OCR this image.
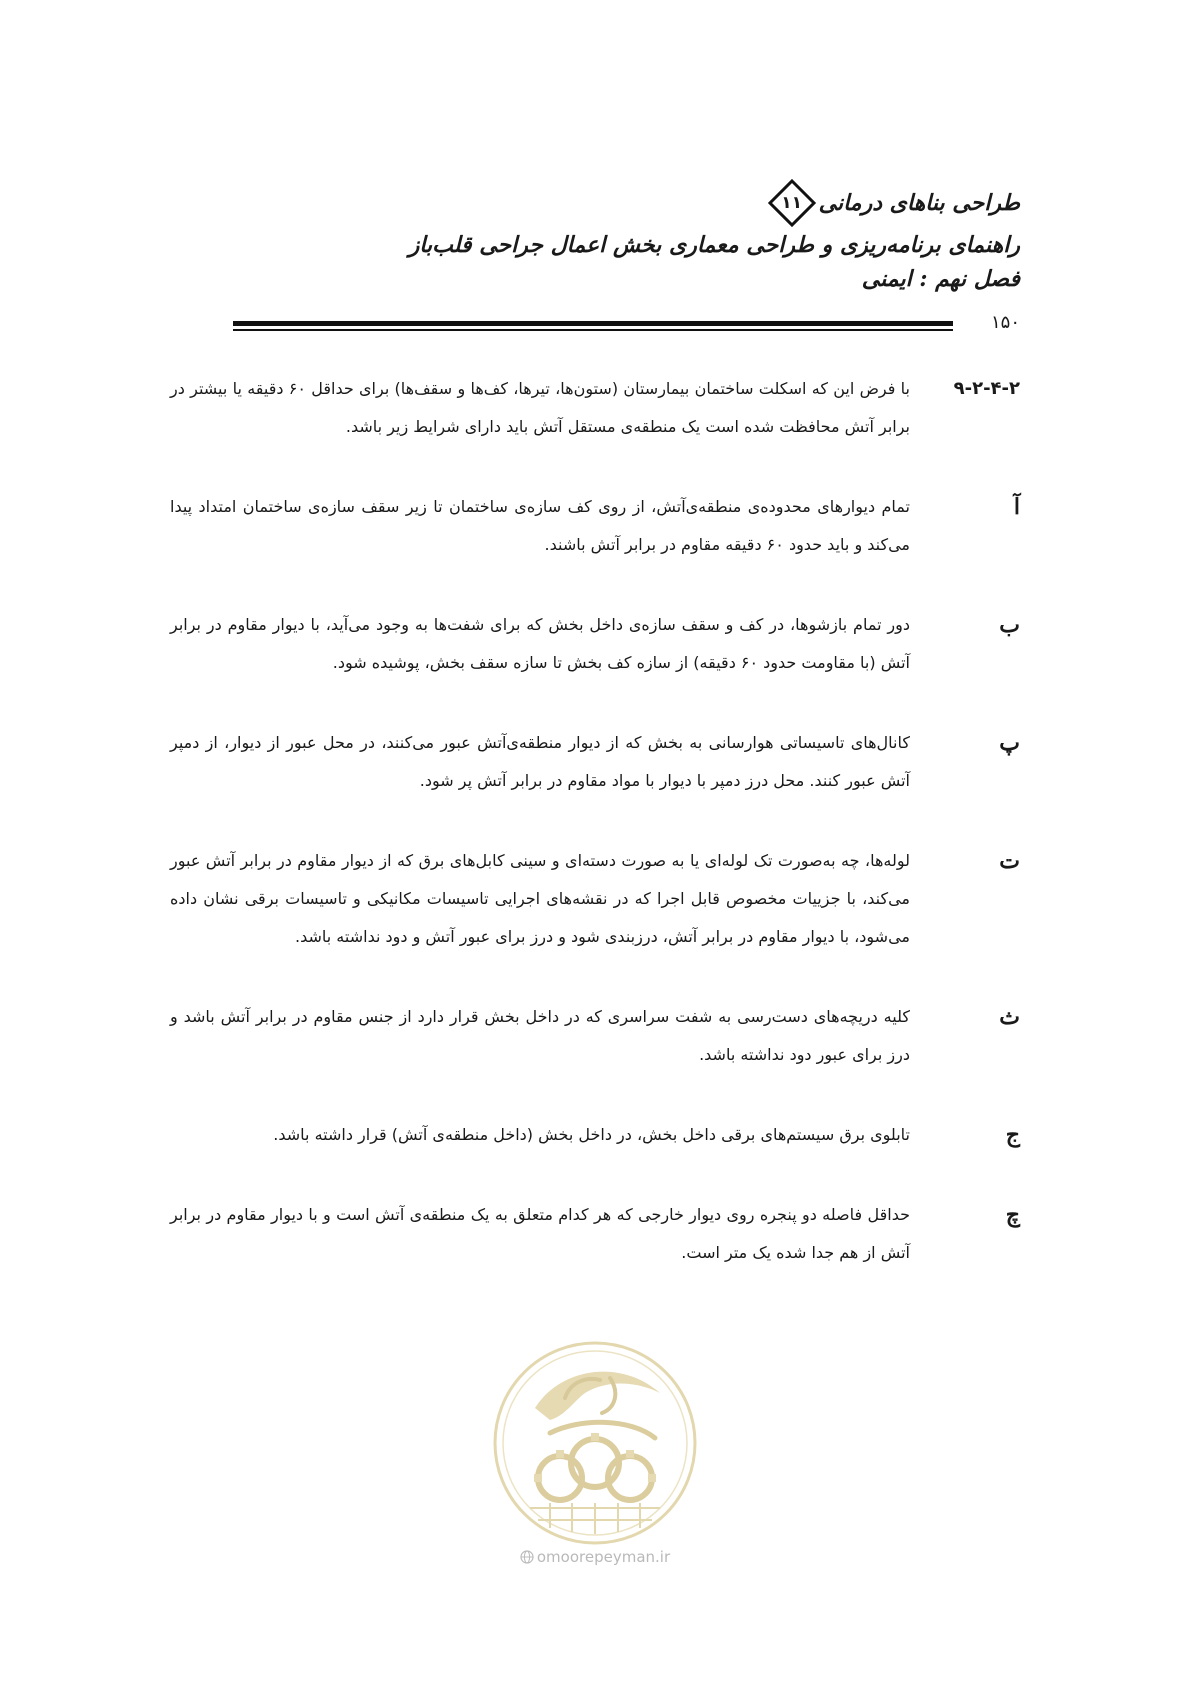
طراحی بناهای درمانی
۱۱
راهنمای برنامه‌ریزی و طراحی معماری بخش اعمال جراحی قلب‌باز
فصل نهم : ایمنی
۱۵۰
۹-۲-۴-۲
با فرض این که اسکلت ساختمان بیمارستان (ستون‌ها، تیرها، کف‌ها و سقف‌ها) برای حداقل ۶۰ دقیقه یا بیشتر در برابر آتش محافظت شده است یک منطقه‌ی مستقل آتش باید دارای شرایط زیر باشد.
آ
تمام دیوارهای محدوده‌ی منطقه‌ی‌آتش، از روی کف سازه‌ی ساختمان تا زیر سقف سازه‌ی ساختمان امتداد پیدا می‌کند و باید حدود ۶۰ دقیقه مقاوم در برابر آتش باشند.
ب
دور تمام بازشوها، در کف و سقف سازه‌ی داخل بخش که برای شفت‌ها به وجود می‌آید، با دیوار مقاوم در برابر آتش (با مقاومت حدود ۶۰ دقیقه) از سازه کف بخش تا سازه سقف بخش، پوشیده شود.
پ
کانال‌های تاسیساتی هوارسانی به بخش که از دیوار منطقه‌ی‌آتش عبور می‌کنند، در محل عبور از دیوار، از دمپر آتش عبور کنند. محل درز دمپر با دیوار با مواد مقاوم در برابر آتش پر شود.
ت
لوله‌ها، چه به‌صورت تک لوله‌ای یا به صورت دسته‌ای و سینی کابل‌های برق که از دیوار مقاوم در برابر آتش عبور می‌کند، با جزییات مخصوص قابل اجرا که در نقشه‌های اجرایی تاسیسات مکانیکی و تاسیسات برقی نشان داده می‌شود، با دیوار مقاوم در برابر آتش، درزبندی شود و درز برای عبور آتش و دود نداشته باشد.
ث
کلیه دریچه‌های دست‌رسی به شفت سراسری که در داخل بخش قرار دارد از جنس مقاوم در برابر آتش باشد و درز برای عبور دود نداشته باشد.
ج
تابلوی برق سیستم‌های برقی داخل بخش، در داخل بخش (داخل منطقه‌ی آتش) قرار داشته باشد.
چ
حداقل فاصله دو پنجره روی دیوار خارجی که هر کدام متعلق به یک منطقه‌ی آتش است و با دیوار مقاوم در برابر آتش از هم جدا شده یک متر است.
omoorepeyman.ir
